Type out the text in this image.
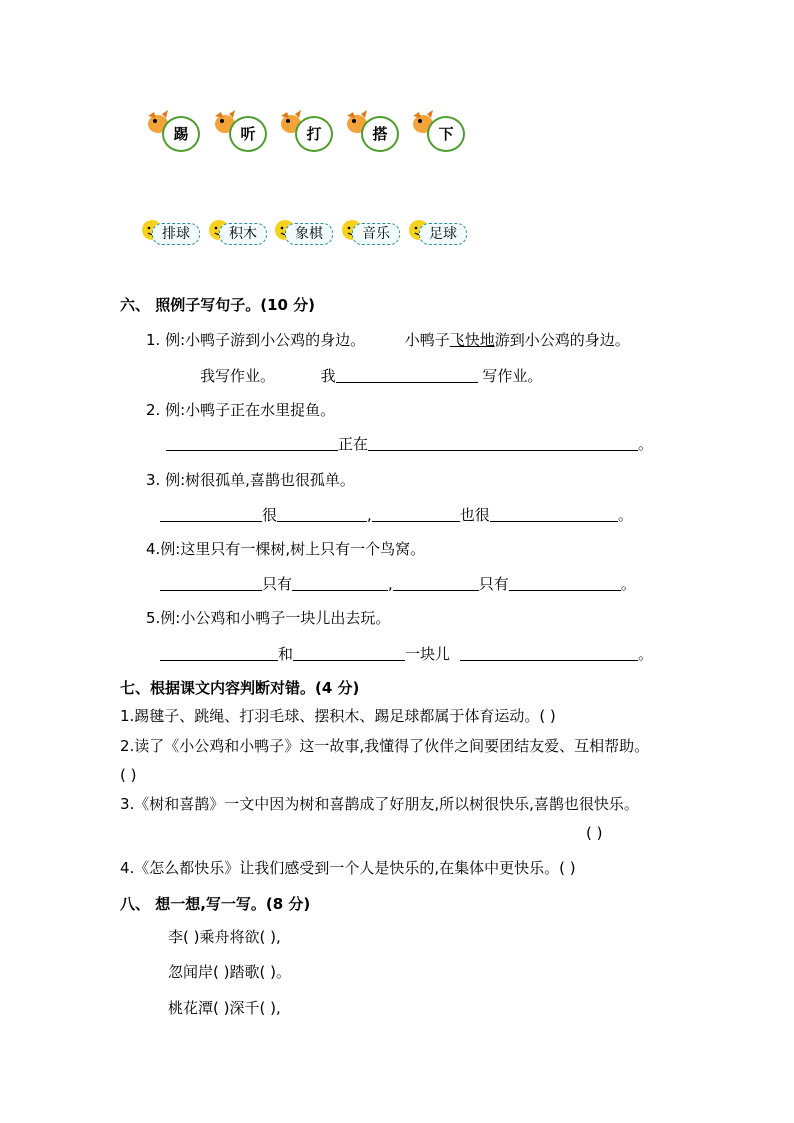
踢	听	打	搭	下
排球	积木	象棋	音乐	足球
六、 照例子写句子。(10 分)
1. 例:小鸭子游到小公鸡的身边。	小鸭子飞快地游到小公鸡的身边。
我写作业。	我	写作业。
2. 例:小鸭子正在水里捉鱼。
正在	。
3. 例:树很孤单,喜鹊也很孤单。
很	,	也很	。
4.例:这里只有一棵树,树上只有一个鸟窝。
只有	,	只有	。
5.例:小公鸡和小鸭子一块儿出去玩。
和	一块儿	。
七、根据课文内容判断对错。(4 分)
1.踢毽子、跳绳、打羽毛球、摆积木、踢足球都属于体育运动。( )
2.读了《小公鸡和小鸭子》这一故事,我懂得了伙伴之间要团结友爱、互相帮助。
( )
3.《树和喜鹊》一文中因为树和喜鹊成了好朋友,所以树很快乐,喜鹊也很快乐。
( )
4.《怎么都快乐》让我们感受到一个人是快乐的,在集体中更快乐。( )
八、 想一想,写一写。(8 分)
李( )乘舟将欲( ),
忽闻岸( )踏歌( )。
桃花潭( )深千( ),
